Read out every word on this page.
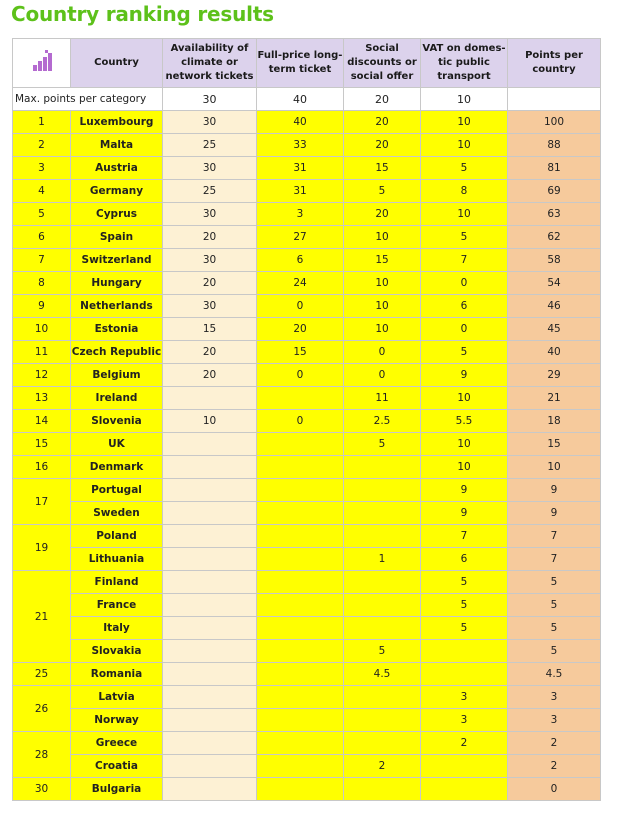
Country ranking results
	Country	Availability of climate or network tickets	Full-price long-term ticket	Social discounts or social offer	VAT on domes-tic public transport	Points per country
Max. points per category		30	40	20	10	
1	Luxembourg	30	40	20	10	100
2	Malta	25	33	20	10	88
3	Austria	30	31	15	5	81
4	Germany	25	31	5	8	69
5	Cyprus	30	3	20	10	63
6	Spain	20	27	10	5	62
7	Switzerland	30	6	15	7	58
8	Hungary	20	24	10	0	54
9	Netherlands	30	0	10	6	46
10	Estonia	15	20	10	0	45
11	Czech Republic	20	15	0	5	40
12	Belgium	20	0	0	9	29
13	Ireland			11	10	21
14	Slovenia	10	0	2.5	5.5	18
15	UK			5	10	15
16	Denmark				10	10
17	Portugal				9	9
	Sweden				9	9
19	Poland				7	7
	Lithuania			1	6	7
21	Finland				5	5
	France				5	5
	Italy				5	5
	Slovakia			5		5
25	Romania			4.5		4.5
26	Latvia				3	3
	Norway				3	3
28	Greece				2	2
	Croatia			2		2
30	Bulgaria					0
